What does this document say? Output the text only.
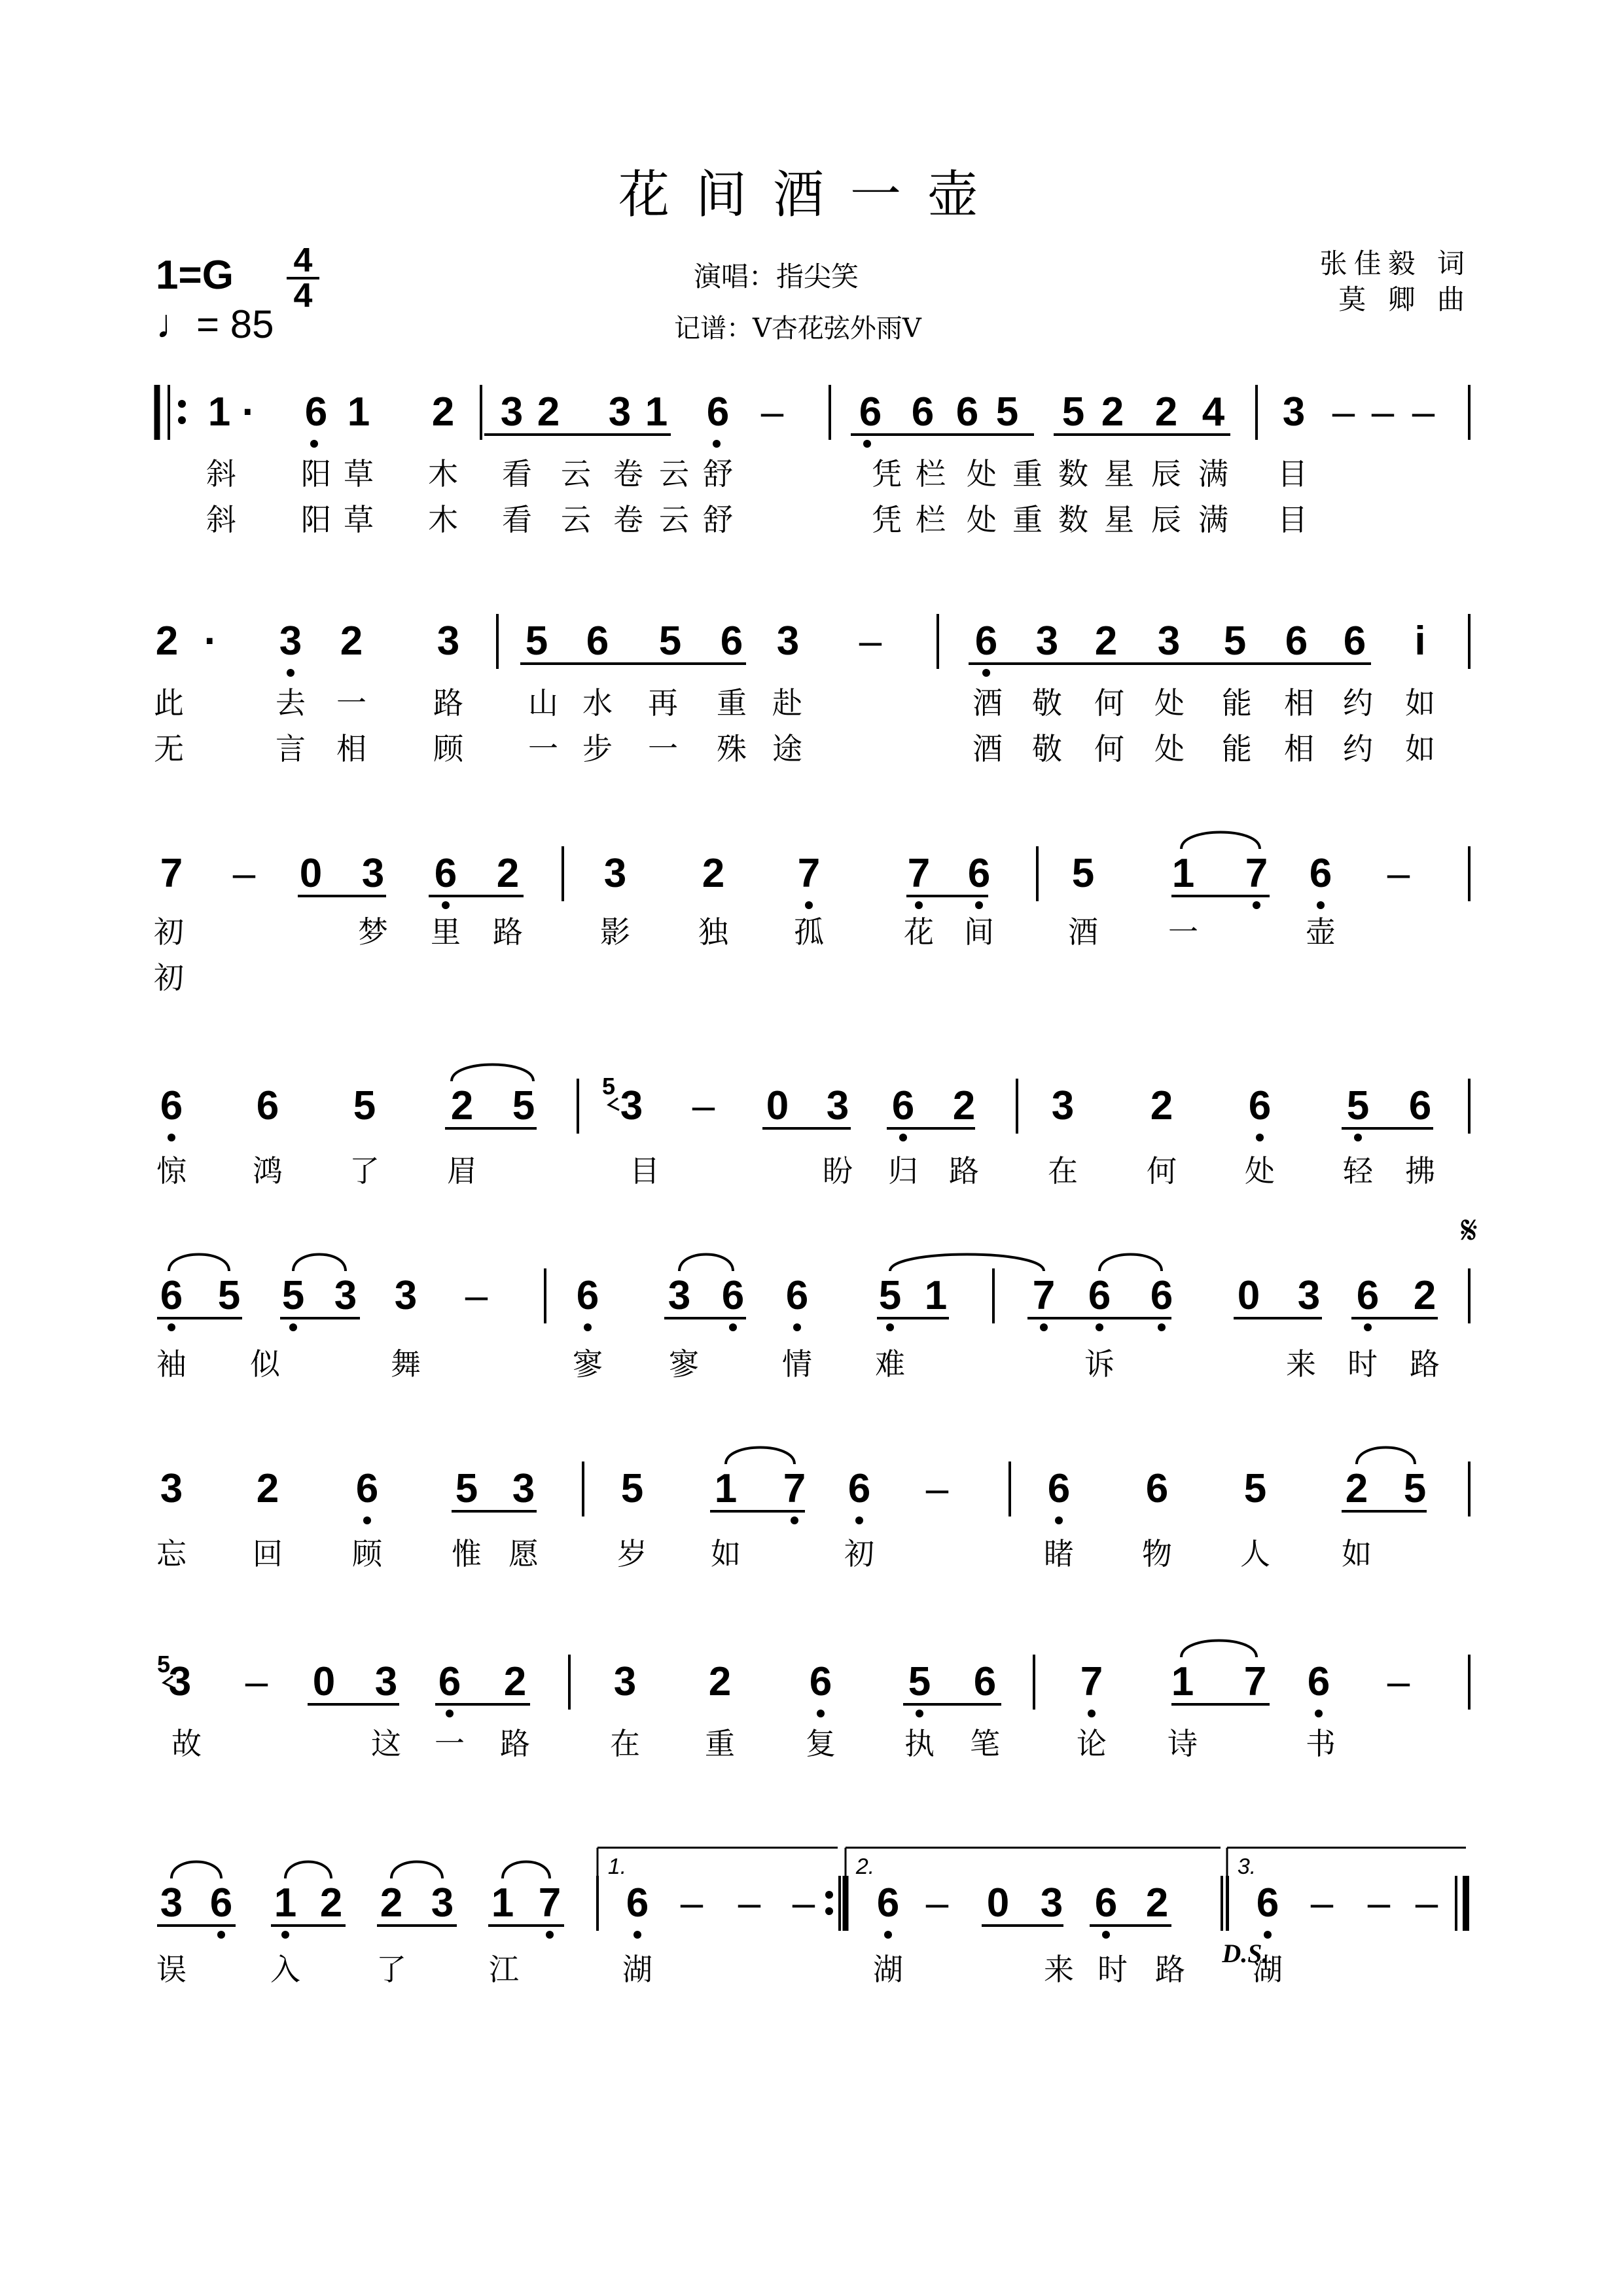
花间酒一壶
1=G 4
4
♩= 85
演唱：指尖笑
记谱：V杏花弦外雨V
张佳毅 词
莫 卿 曲
1 · 6 1 2 3 2 3 1 6 – 6 6 6 5 5 2 2 4 3 – – –
斜 阳 草 木 看 云 卷 云 舒	凭 栏 处 重 数 星 辰 满 目
斜 阳 草 木 看 云 卷 云 舒	凭 栏 处 重 数 星 辰 满 目
2 · 3 2 3 5 6 5 6 3 – 6 3 2 3 5 6 6 i
此	去 一 路 山 水 再 重 赴	酒 敬 何 处 能 相 约 如
无	言 相 顾 一 步 一 殊 途	酒 敬 何 处 能 相 约 如
7 – 0 3 6 2 3 2 7 7 6 5 1 7 6 –
初	梦 里 路	影 独 孤	花 间 酒 一	壶
初
6 6 5 2 5 3 – 0 3 6 2 3 2 6 5 6
5
惊 鸿 了 眉	目	盼 归 路 在 何 处 轻 拂
6 5 5 3 3 – 6 3 6 6 5 1 7 6 6 0 3 6 2
𝄋
袖 似	舞	寥 寥	情 难	诉	来 时 路
3 2 6 5 3 5 1 7 6 – 6 6 5 2 5
忘 回 顾 惟 愿	岁 如	初	睹 物 人 如
3 – 0 3 6 2 3 2 6 5 6 7 1 7 6 –
5
故	这 一 路	在 重 复 执 笔	论 诗	书
3 6 1 2 2 3 1 7 6 – – – 6 – 0 3 6 2 6 – – –
1.	2.	3.
D.S.
误	入	了	江	湖	湖	来 时 路 湖
